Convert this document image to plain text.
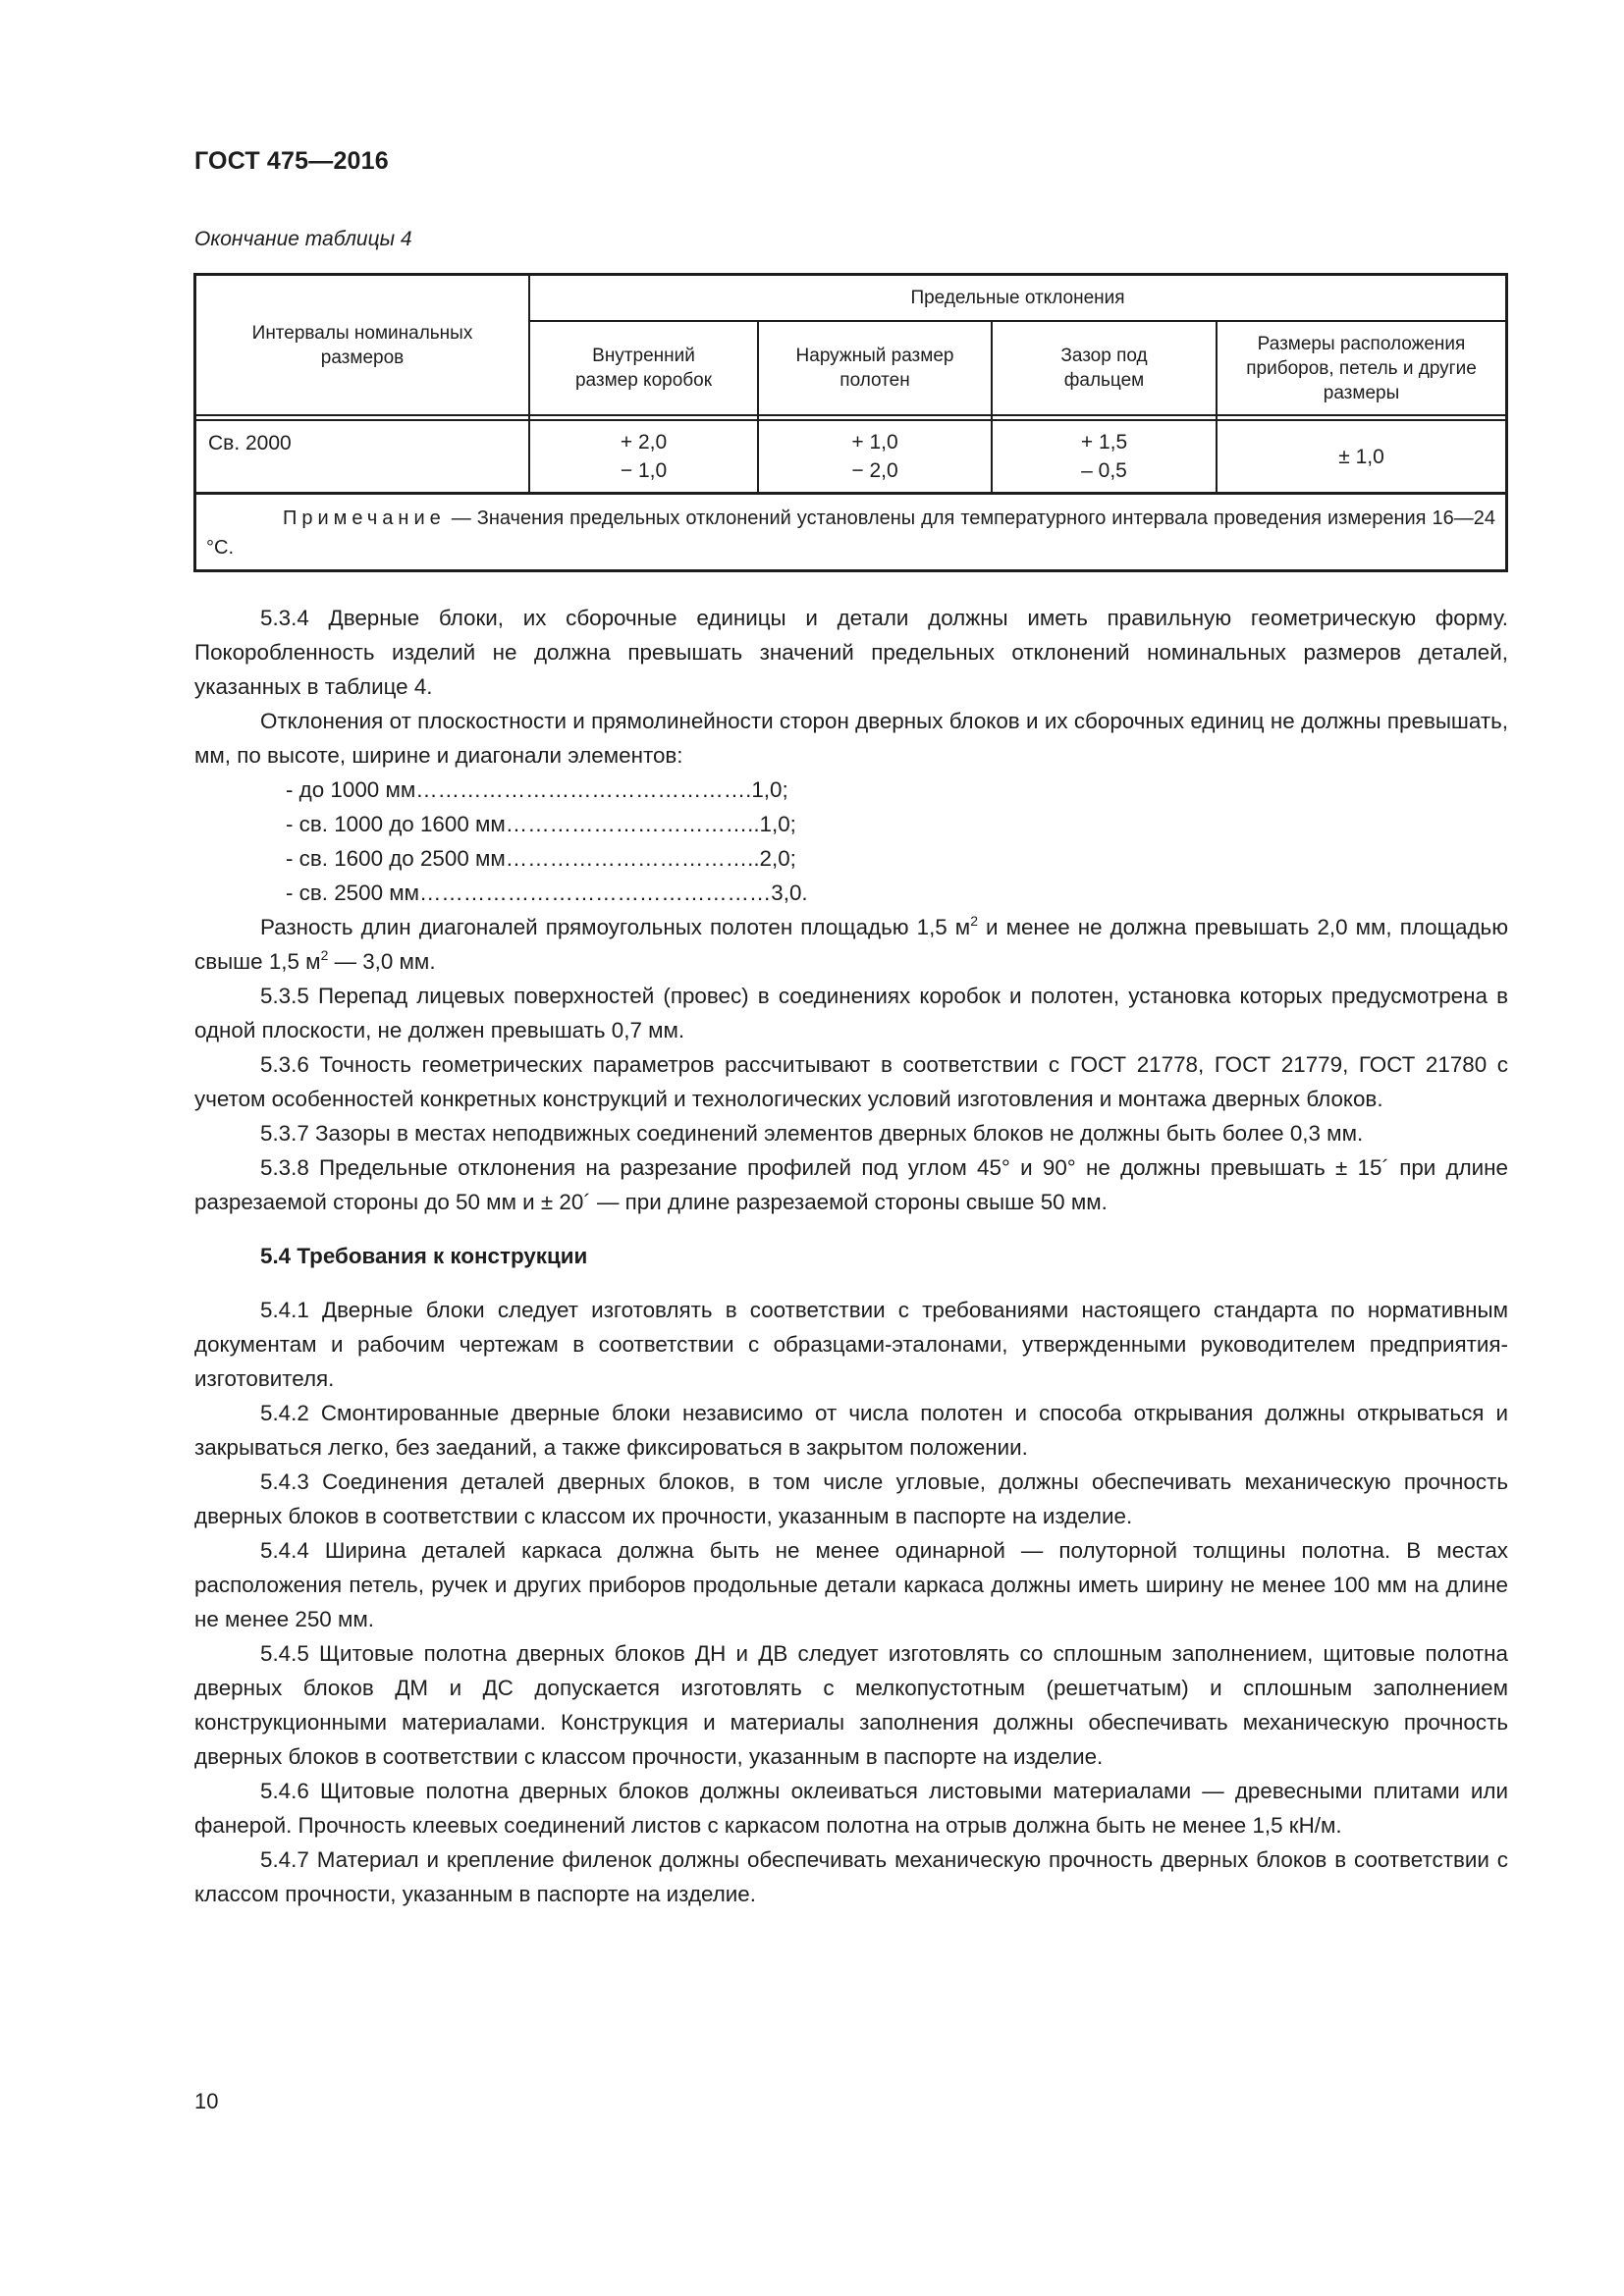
ГОСТ 475—2016
Окончание таблицы 4
Интервалы номинальных размеров
Предельные отклонения
Внутренний размер коробок
Наружный размер полотен
Зазор под фальцем
Размеры расположения приборов, петель и другие размеры
Св. 2000	+ 2,0
− 1,0
+ 1,0
− 2,0
+ 1,5
– 0,5
± 1,0
Примечание — Значения предельных отклонений установлены для температурного интервала проведения измерения 16—24 °С.

5.3.4 Дверные блоки, их сборочные единицы и детали должны иметь правильную геометрическую форму. Покоробленность изделий не должна превышать значений предельных отклонений номинальных размеров деталей, указанных в таблице 4.

Отклонения от плоскостности и прямолинейности сторон дверных блоков и их сборочных единиц не должны превышать, мм, по высоте, ширине и диагонали элементов:

- до 1000 мм……………………………………….1,0;
- св. 1000 до 1600 мм……………………………..1,0;
- св. 1600 до 2500 мм……………………………..2,0;
- св. 2500 мм…………………………………………3,0.

Разность длин диагоналей прямоугольных полотен площадью 1,5 $м^2$ и менее не должна превышать 2,0 мм, площадью свыше 1,5 $м^2$ — 3,0 мм.

5.3.5 Перепад лицевых поверхностей (провес) в соединениях коробок и полотен, установка которых предусмотрена в одной плоскости, не должен превышать 0,7 мм.

5.3.6 Точность геометрических параметров рассчитывают в соответствии с ГОСТ 21778, ГОСТ 21779, ГОСТ 21780 с учетом особенностей конкретных конструкций и технологических условий изготовления и монтажа дверных блоков.

5.3.7 Зазоры в местах неподвижных соединений элементов дверных блоков не должны быть более 0,3 мм.

5.3.8 Предельные отклонения на разрезание профилей под углом 45° и 90° не должны превышать ± 15´ при длине разрезаемой стороны до 50 мм и ± 20´ — при длине разрезаемой стороны свыше 50 мм.

5.4 Требования к конструкции

5.4.1 Дверные блоки следует изготовлять в соответствии с требованиями настоящего стандарта по нормативным документам и рабочим чертежам в соответствии с образцами-эталонами, утвержденными руководителем предприятия-изготовителя.

5.4.2 Смонтированные дверные блоки независимо от числа полотен и способа открывания должны открываться и закрываться легко, без заеданий, а также фиксироваться в закрытом положении.

5.4.3 Соединения деталей дверных блоков, в том числе угловые, должны обеспечивать механическую прочность дверных блоков в соответствии с классом их прочности, указанным в паспорте на изделие.

5.4.4 Ширина деталей каркаса должна быть не менее одинарной — полуторной толщины полотна. В местах расположения петель, ручек и других приборов продольные детали каркаса должны иметь ширину не менее 100 мм на длине не менее 250 мм.

5.4.5 Щитовые полотна дверных блоков ДН и ДВ следует изготовлять со сплошным заполнением, щитовые полотна дверных блоков ДМ и ДС допускается изготовлять с мелкопустотным (решетчатым) и сплошным заполнением конструкционными материалами. Конструкция и материалы заполнения должны обеспечивать механическую прочность дверных блоков в соответствии с классом прочности, указанным в паспорте на изделие.

5.4.6 Щитовые полотна дверных блоков должны оклеиваться листовыми материалами — древесными плитами или фанерой. Прочность клеевых соединений листов с каркасом полотна на отрыв должна быть не менее 1,5 кН/м.

5.4.7 Материал и крепление филенок должны обеспечивать механическую прочность дверных блоков в соответствии с классом прочности, указанным в паспорте на изделие.

10
